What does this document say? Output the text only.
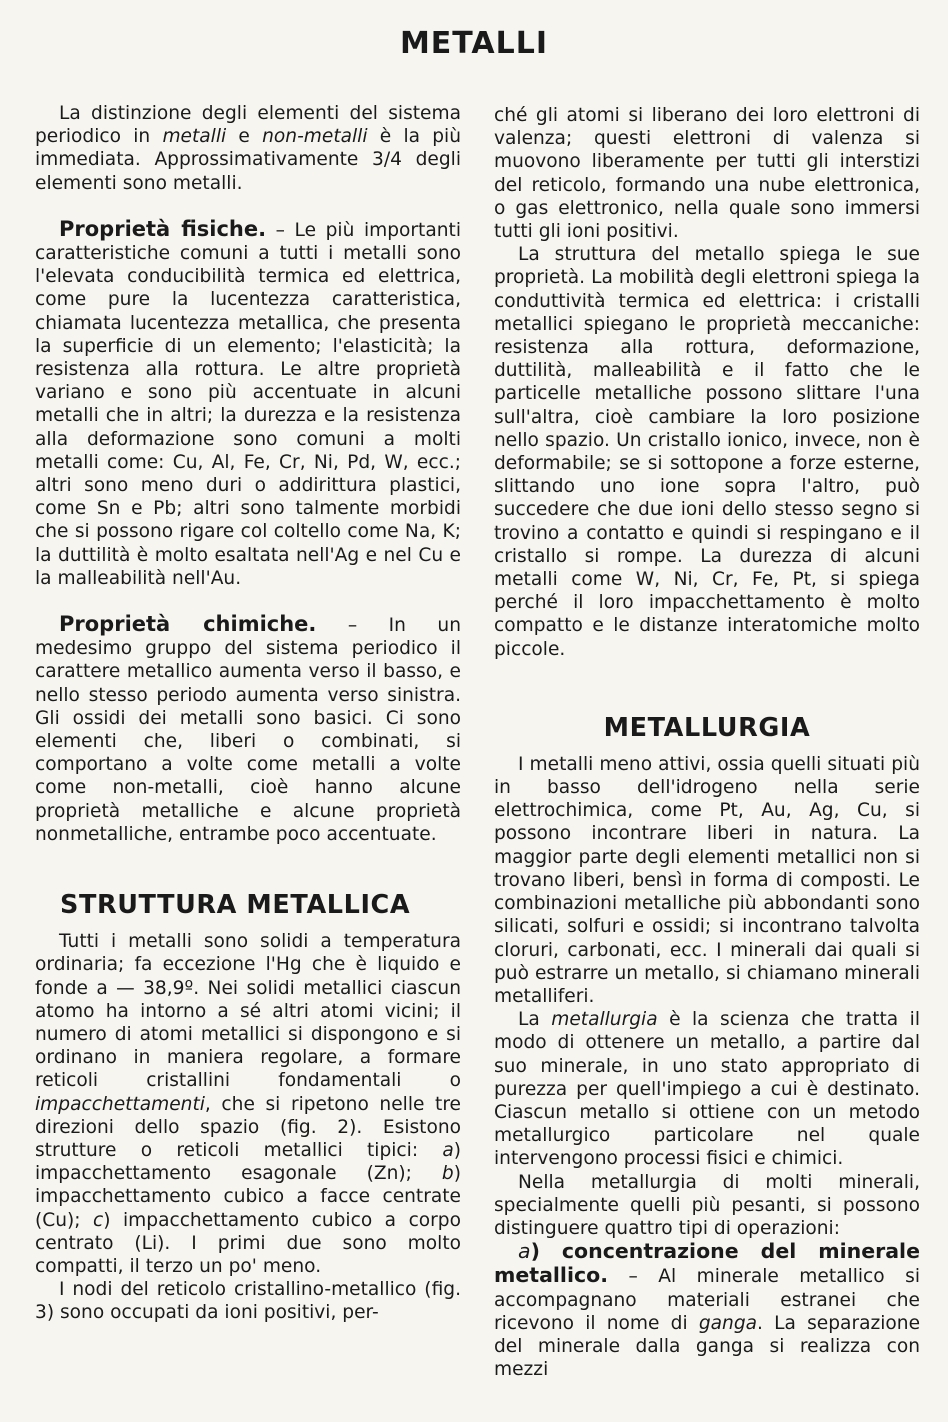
METALLI

La distinzione degli elementi del sistema periodico in metalli e non-metalli è la più immediata. Approssimativamente 3/4 degli elementi sono metalli.

Proprietà fisiche. – Le più importanti caratteristiche comuni a tutti i metalli sono l'elevata conducibilità termica ed elettrica, come pure la lucentezza caratteristica, chiamata lucentezza metallica, che presenta la superficie di un elemento; l'elasticità; la resistenza alla rottura. Le altre proprietà variano e sono più accentuate in alcuni metalli che in altri; la durezza e la resistenza alla deformazione sono comuni a molti metalli come: Cu, Al, Fe, Cr, Ni, Pd, W, ecc.; altri sono meno duri o addirittura plastici, come Sn e Pb; altri sono talmente morbidi che si possono rigare col coltello come Na, K; la duttilità è molto esaltata nell'Ag e nel Cu e la malleabilità nell'Au.

Proprietà chimiche. – In un medesimo gruppo del sistema periodico il carattere metallico aumenta verso il basso, e nello stesso periodo aumenta verso sinistra. Gli ossidi dei metalli sono basici. Ci sono elementi che, liberi o combinati, si comportano a volte come metalli a volte come non-metalli, cioè hanno alcune proprietà metalliche e alcune proprietà nonmetalliche, entrambe poco accentuate.

STRUTTURA METALLICA

Tutti i metalli sono solidi a temperatura ordinaria; fa eccezione l'Hg che è liquido e fonde a — 38,9º. Nei solidi metallici ciascun atomo ha intorno a sé altri atomi vicini; il numero di atomi metallici si dispongono e si ordinano in maniera regolare, a formare reticoli cristallini fondamentali o impacchettamenti, che si ripetono nelle tre direzioni dello spazio (fig. 2). Esistono strutture o reticoli metallici tipici: a) impacchettamento esagonale (Zn); b) impacchettamento cubico a facce centrate (Cu); c) impacchettamento cubico a corpo centrato (Li). I primi due sono molto compatti, il terzo un po' meno.

I nodi del reticolo cristallino-metallico (fig. 3) sono occupati da ioni positivi, per-

ché gli atomi si liberano dei loro elettroni di valenza; questi elettroni di valenza si muovono liberamente per tutti gli interstizi del reticolo, formando una nube elettronica, o gas elettronico, nella quale sono immersi tutti gli ioni positivi.

La struttura del metallo spiega le sue proprietà. La mobilità degli elettroni spiega la conduttività termica ed elettrica: i cristalli metallici spiegano le proprietà meccaniche: resistenza alla rottura, deformazione, duttilità, malleabilità e il fatto che le particelle metalliche possono slittare l'una sull'altra, cioè cambiare la loro posizione nello spazio. Un cristallo ionico, invece, non è deformabile; se si sottopone a forze esterne, slittando uno ione sopra l'altro, può succedere che due ioni dello stesso segno si trovino a contatto e quindi si respingano e il cristallo si rompe. La durezza di alcuni metalli come W, Ni, Cr, Fe, Pt, si spiega perché il loro impacchettamento è molto compatto e le distanze interatomiche molto piccole.

METALLURGIA

I metalli meno attivi, ossia quelli situati più in basso dell'idrogeno nella serie elettrochimica, come Pt, Au, Ag, Cu, si possono incontrare liberi in natura. La maggior parte degli elementi metallici non si trovano liberi, bensì in forma di composti. Le combinazioni metalliche più abbondanti sono silicati, solfuri e ossidi; si incontrano talvolta cloruri, carbonati, ecc. I minerali dai quali si può estrarre un metallo, si chiamano minerali metalliferi.

La metallurgia è la scienza che tratta il modo di ottenere un metallo, a partire dal suo minerale, in uno stato appropriato di purezza per quell'impiego a cui è destinato. Ciascun metallo si ottiene con un metodo metallurgico particolare nel quale intervengono processi fisici e chimici.

Nella metallurgia di molti minerali, specialmente quelli più pesanti, si possono distinguere quattro tipi di operazioni:

a) concentrazione del minerale metallico. – Al minerale metallico si accompagnano materiali estranei che ricevono il nome di ganga. La separazione del minerale dalla ganga si realizza con mezzi
